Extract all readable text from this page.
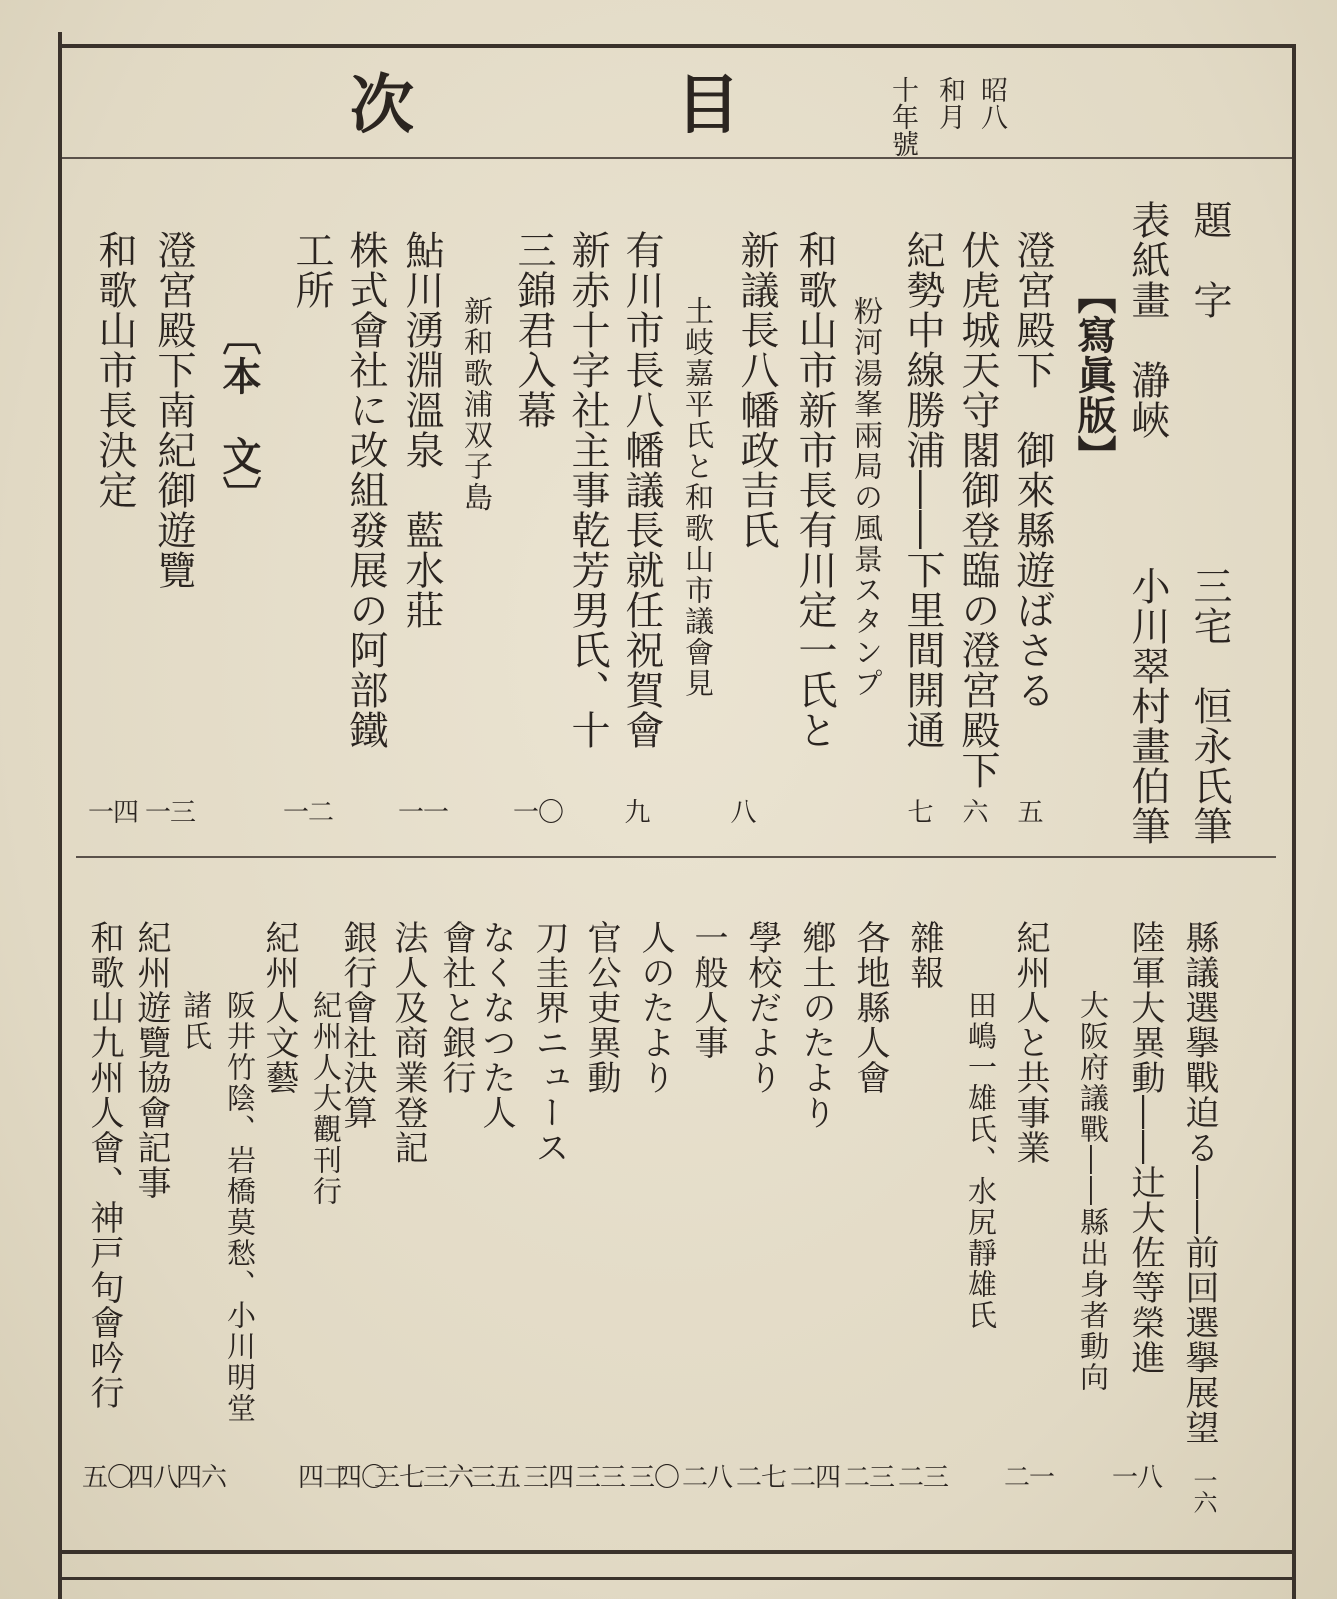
目
次	昭八
和月
十年號
題　字
三宅　恒永氏筆
表紙畫　瀞峽
小川翠村畫伯筆
【寫眞版】
澄宮殿下　御來縣遊ばさる
五
伏虎城天守閣御登臨の澄宮殿下
六
紀勢中線勝浦――下里間開通
七
粉河湯峯兩局の風景スタンプ
和歌山市新市長有川定一氏と
八
新議長八幡政吉氏
土岐嘉平氏と和歌山市議會見
有川市長八幡議長就任祝賀會
九
新赤十字社主事乾芳男氏、十
三錦君入幕
一〇
新和歌浦双子島
鮎川湧淵溫泉　藍水莊
一一
株式會社に改組發展の阿部鐵
工所
一二
〔本　文〕
澄宮殿下南紀御遊覽
一三
和歌山市長決定
一四
縣議選擧戰迫る――前回選擧展望
一六
陸軍大異動――辻大佐等榮進
一八
大阪府議戰――縣出身者動向
紀州人と共事業
二一
田嶋一雄氏、水尻靜雄氏
雜報
二三
各地縣人會
二三
鄕土のたより
二四
學校だより
二七
一般人事
二八
人のたより
三〇
官公吏異動
三三
刀圭界ニュース
三四
なくなつた人
三五
會社と銀行
三六
法人及商業登記
三七
銀行會社決算
四〇
紀州人大觀刊行
四二
紀州人文藝
阪井竹陰、岩橋莫愁、小川明堂
諸氏
四六
紀州遊覽協會記事
四八
和歌山九州人會、神戸句會吟行
五〇
